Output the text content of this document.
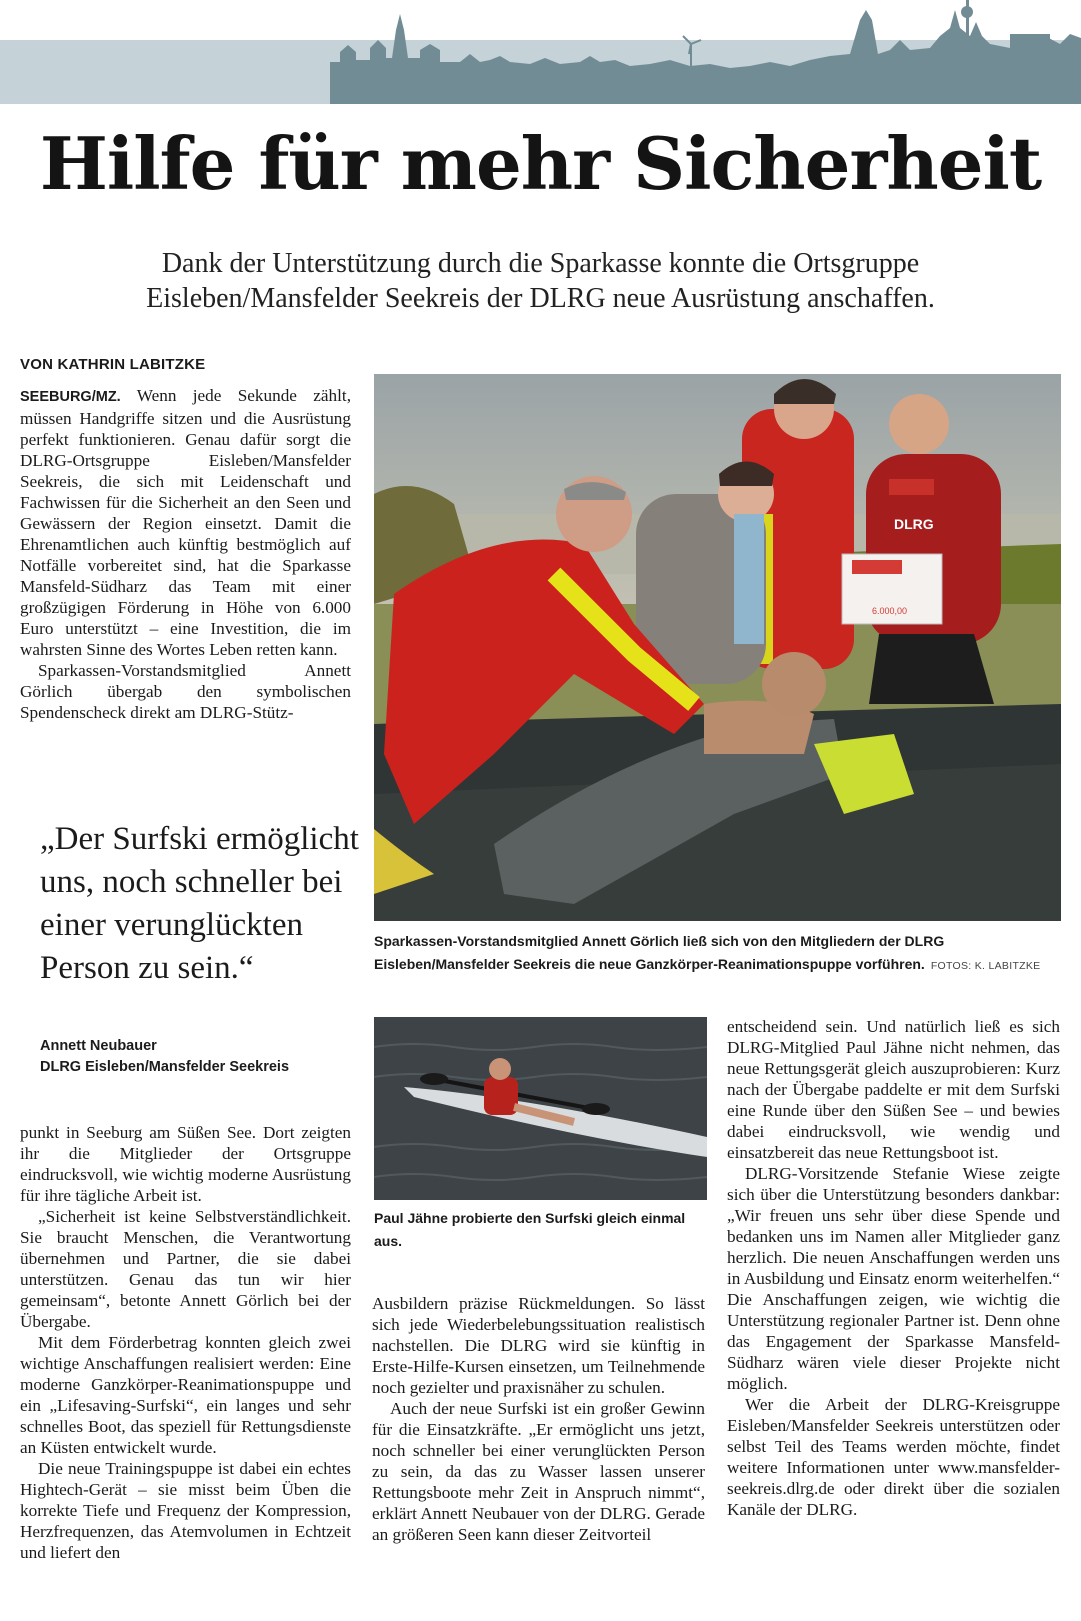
Hilfe für mehr Sicherheit
Dank der Unterstützung durch die Sparkasse konnte die Ortsgruppe
Eisleben/Mansfelder Seekreis der DLRG neue Ausrüstung anschaffen.
VON KATHRIN LABITZKE

SEEBURG/MZ. Wenn jede Sekunde zählt, müssen Handgriffe sitzen und die Ausrüstung perfekt funktionieren. Genau dafür sorgt die DLRG-Ortsgruppe Eisleben/Mansfelder Seekreis, die sich mit Leidenschaft und Fachwissen für die Sicherheit an den Seen und Gewässern der Region einsetzt. Damit die Ehrenamtlichen auch künftig bestmöglich auf Notfälle vorbereitet sind, hat die Sparkasse Mansfeld-Südharz das Team mit einer großzügigen Förderung in Höhe von 6.000 Euro unterstützt – eine Investition, die im wahrsten Sinne des Wortes Leben retten kann.

Sparkassen-Vorstandsmitglied Annett Görlich übergab den symbolischen Spendenscheck direkt am DLRG-Stütz-

„Der Surfski ermöglicht uns, noch schneller bei einer verunglückten Person zu sein.“
Annett Neubauer
DLRG Eisleben/Mansfelder Seekreis

punkt in Seeburg am Süßen See. Dort zeigten ihr die Mitglieder der Ortsgruppe eindrucksvoll, wie wichtig moderne Ausrüstung für ihre tägliche Arbeit ist.

„Sicherheit ist keine Selbstverständlichkeit. Sie braucht Menschen, die Verantwortung übernehmen und Partner, die sie dabei unterstützen. Genau das tun wir hier gemeinsam“, betonte Annett Görlich bei der Übergabe.

Mit dem Förderbetrag konnten gleich zwei wichtige Anschaffungen realisiert werden: Eine moderne Ganzkörper-Reanimationspuppe und ein „Lifesaving-Surfski“, ein langes und sehr schnelles Boot, das speziell für Rettungsdienste an Küsten entwickelt wurde.

Die neue Trainingspuppe ist dabei ein echtes Hightech-Gerät – sie misst beim Üben die korrekte Tiefe und Frequenz der Kompression, Herzfrequenzen, das Atemvolumen in Echtzeit und liefert den

DLRG
6.000,00
Sparkassen-Vorstandsmitglied Annett Görlich ließ sich von den Mitgliedern der DLRG Eisleben/Mansfelder Seekreis die neue Ganzkörper-Reanimationspuppe vorführen. FOTOS: K. LABITZKE
Paul Jähne probierte den Surfski gleich einmal aus.

Ausbildern präzise Rückmeldungen. So lässt sich jede Wiederbelebungssituation realistisch nachstellen. Die DLRG wird sie künftig in Erste-Hilfe-Kursen einsetzen, um Teilnehmende noch gezielter und praxisnäher zu schulen.

Auch der neue Surfski ist ein großer Gewinn für die Einsatzkräfte. „Er ermöglicht uns jetzt, noch schneller bei einer verunglückten Person zu sein, da das zu Wasser lassen unserer Rettungsboote mehr Zeit in Anspruch nimmt“, erklärt Annett Neubauer von der DLRG. Gerade an größeren Seen kann dieser Zeitvorteil

entscheidend sein. Und natürlich ließ es sich DLRG-Mitglied Paul Jähne nicht nehmen, das neue Rettungsgerät gleich auszuprobieren: Kurz nach der Übergabe paddelte er mit dem Surfski eine Runde über den Süßen See – und bewies dabei eindrucksvoll, wie wendig und einsatzbereit das neue Rettungsboot ist.

DLRG-Vorsitzende Stefanie Wiese zeigte sich über die Unterstützung besonders dankbar: „Wir freuen uns sehr über diese Spende und bedanken uns im Namen aller Mitglieder ganz herzlich. Die neuen Anschaffungen werden uns in Ausbildung und Einsatz enorm weiterhelfen.“ Die Anschaffungen zeigen, wie wichtig die Unterstützung regionaler Partner ist. Denn ohne das Engagement der Sparkasse Mansfeld-Südharz wären viele dieser Projekte nicht möglich.

Wer die Arbeit der DLRG-Kreisgruppe Eisleben/Mansfelder Seekreis unterstützen oder selbst Teil des Teams werden möchte, findet weitere Informationen unter www.mansfelder-seekreis.dlrg.de oder direkt über die sozialen Kanäle der DLRG.
